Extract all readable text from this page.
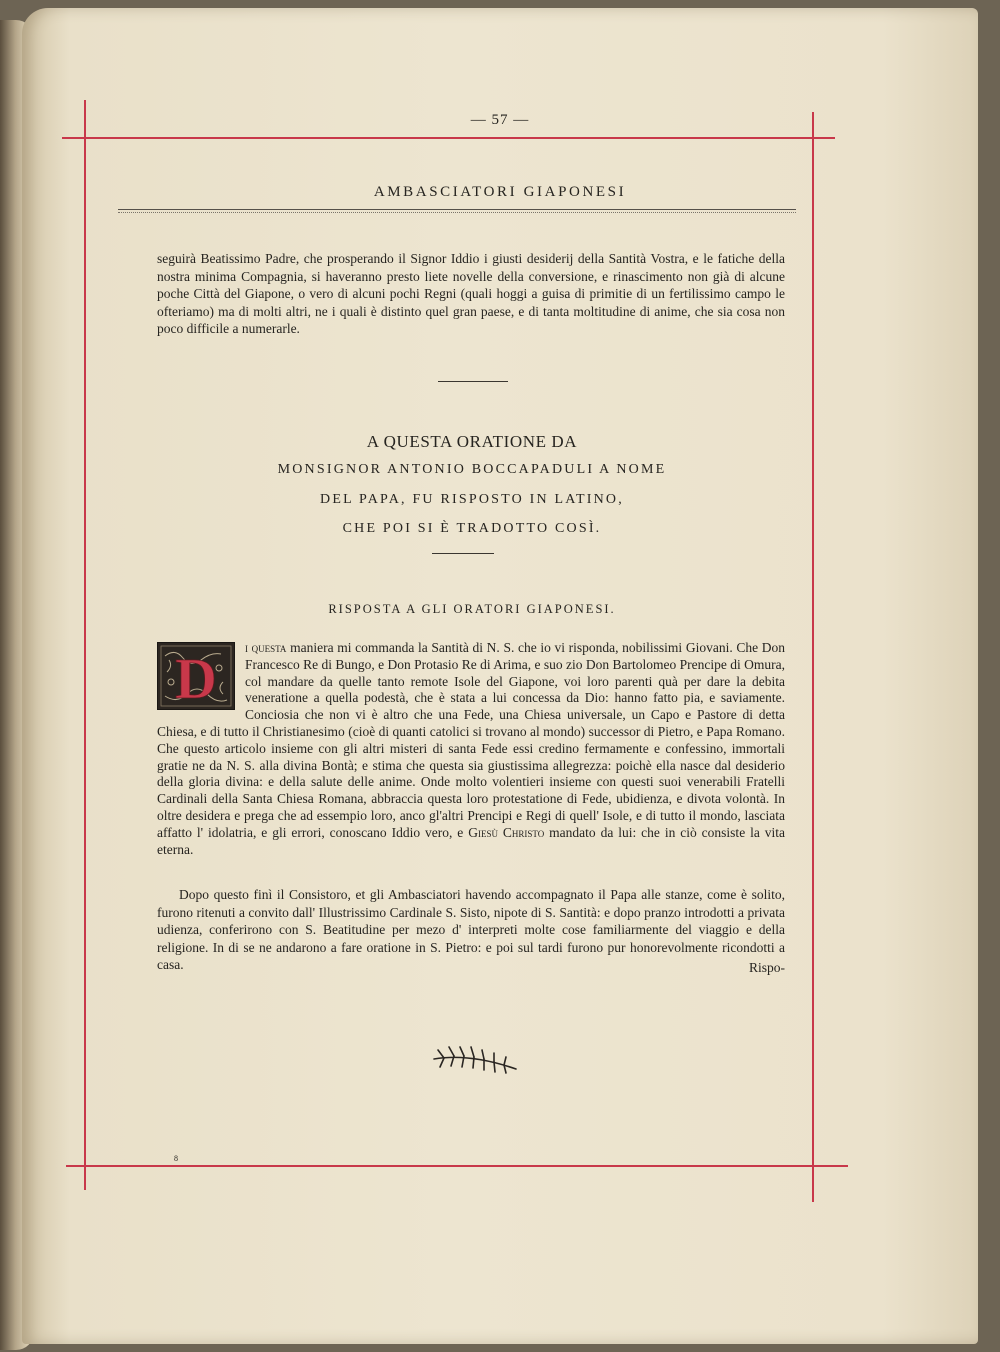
— 57 —
AMBASCIATORI GIAPONESI

seguirà Beatissimo Padre, che prosperando il Signor Iddio i giusti desiderij della Santità Vostra, e le fatiche della nostra minima Compagnia, si haveranno presto liete novelle della conversione, e rinascimento non già di alcune poche Città del Giapone, o vero di alcuni pochi Regni (quali hoggi a guisa di primitie di un fertilissimo campo le ofteriamo) ma di molti altri, ne i quali è distinto quel gran paese, e di tanta moltitudine di anime, che sia cosa non poco difficile a numerarle.

A QUESTA ORATIONE DA
MONSIGNOR ANTONIO BOCCAPADULI A NOME
DEL PAPA, FU RISPOSTO IN LATINO,
CHE POI SI È TRADOTTO COSÌ.
RISPOSTA A GLI ORATORI GIAPONESI.
D i questa maniera mi commanda la Santità di N. S. che io vi risponda, nobilissimi Giovani. Che Don Francesco Re di Bungo, e Don Protasio Re di Arima, e suo zio Don Bartolomeo Prencipe di Omura, col mandare da quelle tanto remote Isole del Giapone, voi loro parenti quà per dare la debita veneratione a quella podestà, che è stata a lui concessa da Dio: hanno fatto pia, e saviamente. Conciosia che non vi è altro che una Fede, una Chiesa universale, un Capo e Pastore di detta Chiesa, e di tutto il Christianesimo (cioè di quanti catolici si trovano al mondo) successor di Pietro, e Papa Romano. Che questo articolo insieme con gli altri misteri di santa Fede essi credino fermamente e confessino, immortali gratie ne da N. S. alla divina Bontà; e stima che questa sia giustissima allegrezza: poichè ella nasce dal desiderio della gloria divina: e della salute delle anime. Onde molto volentieri insieme con questi suoi venerabili Fratelli Cardinali della Santa Chiesa Romana, abbraccia questa loro protestatione di Fede, ubidienza, e divota volontà. In oltre desidera e prega che ad essempio loro, anco gl'altri Prencipi e Regi di quell' Isole, e di tutto il mondo, lasciata affatto l' idolatria, e gli errori, conoscano Iddio vero, e Giesù Christo mandato da lui: che in ciò consiste la vita eterna.

Dopo questo finì il Consistoro, et gli Ambasciatori havendo accompagnato il Papa alle stanze, come è solito, furono ritenuti a convito dall' Illustrissimo Cardinale S. Sisto, nipote di S. Santità: e dopo pranzo introdotti a privata udienza, conferirono con S. Beatitudine per mezo d' interpreti molte cose familiarmente del viaggio e della religione. In di se ne andarono a fare oratione in S. Pietro: e poi sul tardi furono pur honorevolmente ricondotti a casa.	Rispo-
8
